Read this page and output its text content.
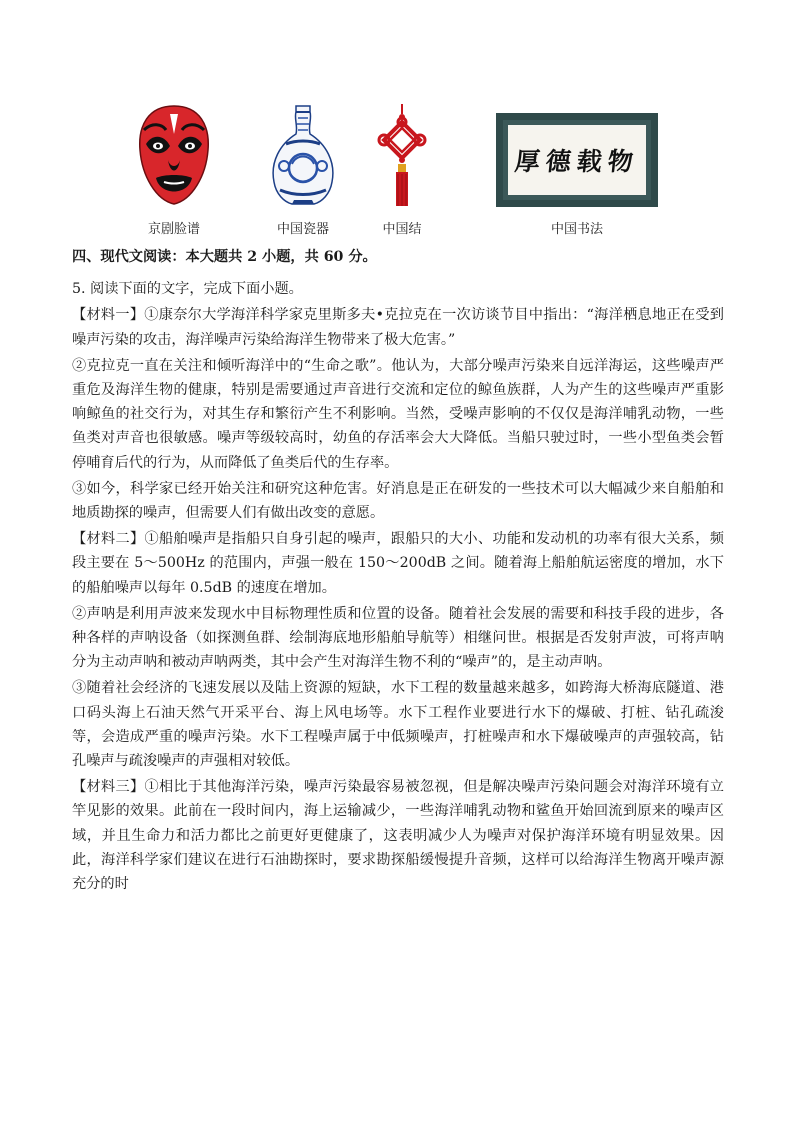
京剧脸谱	中国瓷器	中国结
厚德载物
中国书法

四、现代文阅读：本大题共 2 小题，共 60 分。

5. 阅读下面的文字，完成下面小题。

【材料一】①康奈尔大学海洋科学家克里斯多夫•克拉克在一次访谈节目中指出：“海洋栖息地正在受到噪声污染的攻击，海洋噪声污染给海洋生物带来了极大危害。”

②克拉克一直在关注和倾听海洋中的“生命之歌”。他认为，大部分噪声污染来自远洋海运，这些噪声严重危及海洋生物的健康，特别是需要通过声音进行交流和定位的鲸鱼族群，人为产生的这些噪声严重影响鲸鱼的社交行为，对其生存和繁衍产生不利影响。当然，受噪声影响的不仅仅是海洋哺乳动物，一些鱼类对声音也很敏感。噪声等级较高时，幼鱼的存活率会大大降低。当船只驶过时，一些小型鱼类会暂停哺育后代的行为，从而降低了鱼类后代的生存率。

③如今，科学家已经开始关注和研究这种危害。好消息是正在研发的一些技术可以大幅减少来自船舶和地质勘探的噪声，但需要人们有做出改变的意愿。

【材料二】①船舶噪声是指船只自身引起的噪声，跟船只的大小、功能和发动机的功率有很大关系，频段主要在 5～500Hz 的范围内，声强一般在 150～200dB 之间。随着海上船舶航运密度的增加，水下的船舶噪声以每年 0.5dB 的速度在增加。

②声呐是利用声波来发现水中目标物理性质和位置的设备。随着社会发展的需要和科技手段的进步，各种各样的声呐设备（如探测鱼群、绘制海底地形船舶导航等）相继问世。根据是否发射声波，可将声呐分为主动声呐和被动声呐两类，其中会产生对海洋生物不利的“噪声”的，是主动声呐。

③随着社会经济的飞速发展以及陆上资源的短缺，水下工程的数量越来越多，如跨海大桥海底隧道、港口码头海上石油天然气开采平台、海上风电场等。水下工程作业要进行水下的爆破、打桩、钻孔疏浚等，会造成严重的噪声污染。水下工程噪声属于中低频噪声，打桩噪声和水下爆破噪声的声强较高，钻孔噪声与疏浚噪声的声强相对较低。

【材料三】①相比于其他海洋污染，噪声污染最容易被忽视，但是解决噪声污染问题会对海洋环境有立竿见影的效果。此前在一段时间内，海上运输减少，一些海洋哺乳动物和鲨鱼开始回流到原来的噪声区域，并且生命力和活力都比之前更好更健康了，这表明减少人为噪声对保护海洋环境有明显效果。因此，海洋科学家们建议在进行石油勘探时，要求勘探船缓慢提升音频，这样可以给海洋生物离开噪声源充分的时
